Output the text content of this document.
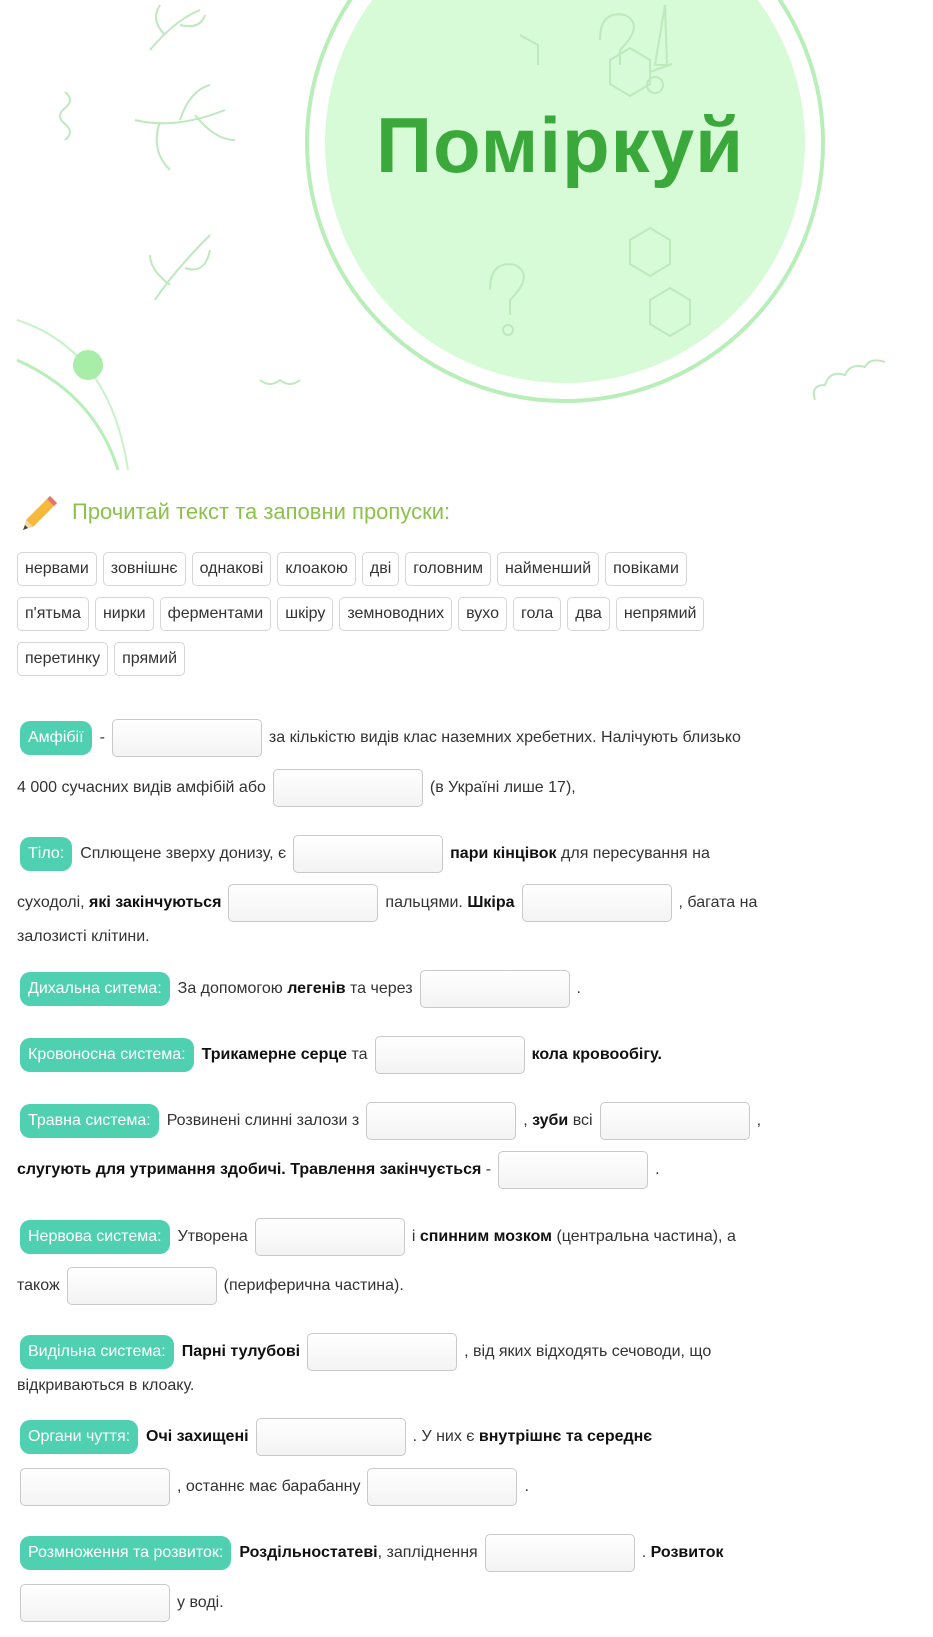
Поміркуй
Прочитай текст та заповни пропуски:
нервами	зовнішнє	однакові	клоакою	дві	головним	найменший	повіками
п'ятьма	нирки	ферментами	шкіру	земноводних	вухо	гола	два	непрямий
перетинку	прямий
Амфібії	-	за кількістю видів клас наземних хребетних. Налічують близько
4 000 сучасних видів амфібій або	(в Україні лише 17),
Тіло:	Сплющене зверху донизу, є	пари кінцівок
для пересування на
суходолі,
які закінчуються	пальцями.
Шкіра	, багата на
залозисті клітини.
Дихальна ситема:	За допомогою
легенів
та через	.
Кровоносна система:	Трикамерне серце
та	кола кровообігу.
Травна система:	Розвинені слинні залози з	,
зуби
всі	,
слугують для утримання здобичі. Травлення закінчується
-	.
Нервова система:	Утворена	і
спинним мозком
(центральна частина), а
також	(периферична частина).
Видільна система:	Парні тулубові	, від яких відходять сечоводи, що
відкриваються в клоаку.
Органи чуття:	Очі захищені	. У них є
внутрішнє та середнє
, останнє має барабанну	.
Розмноження та розвиток:	Роздільностатеві , запліднення	.
Розвиток
у воді.
